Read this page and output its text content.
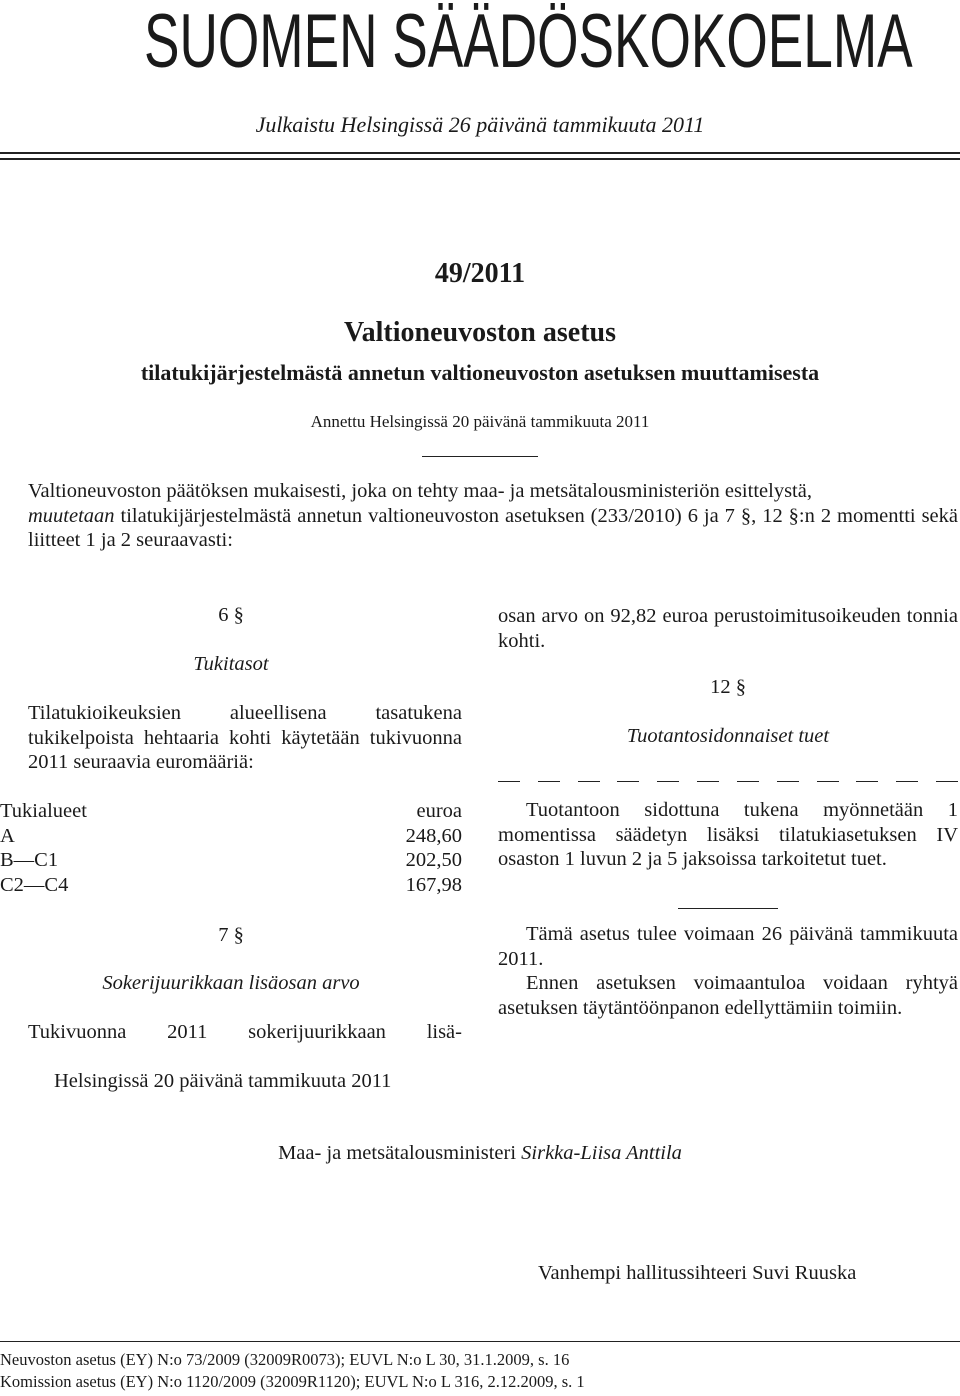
SUOMEN SÄÄDÖSKOKOELMA
Julkaistu Helsingissä 26 päivänä tammikuuta 2011
49/2011
Valtioneuvoston asetus
tilatukijärjestelmästä annetun valtioneuvoston asetuksen muuttamisesta
Annettu Helsingissä 20 päivänä tammikuuta 2011

Valtioneuvoston päätöksen mukaisesti, joka on tehty maa- ja metsätalousministeriön esittelystä,

muutetaan tilatukijärjestelmästä annetun valtioneuvoston asetuksen (233/2010) 6 ja 7 §, 12 §:n 2 momentti sekä liitteet 1 ja 2 seuraavasti:

6 §
Tukitasot

Tilatukioikeuksien alueellisena tasatukena tukikelpoista hehtaaria kohti käytetään tukivuonna 2011 seuraavia euromääriä:

Tukialueet	euroa
A	248,60
B—C1	202,50
C2—C4	167,98
7 §
Sokerijuurikkaan lisäosan arvo
Tukivuonna 2011 sokerijuurikkaan lisä-
osan arvo on 92,82 euroa perustoimitusoikeuden tonnia kohti.
12 §
Tuotantosidonnaiset tuet

Tuotantoon sidottuna tukena myönnetään 1 momentissa säädetyn lisäksi tilatukiasetuksen IV osaston 1 luvun 2 ja 5 jaksoissa tarkoitetut tuet.

Tämä asetus tulee voimaan 26 päivänä tammikuuta 2011.

Ennen asetuksen voimaantuloa voidaan ryhtyä asetuksen täytäntöönpanon edellyttämiin toimiin.

Helsingissä 20 päivänä tammikuuta 2011
Maa- ja metsätalousministeri Sirkka-Liisa Anttila
Vanhempi hallitussihteeri Suvi Ruuska
Neuvoston asetus (EY) N:o 73/2009 (32009R0073); EUVL N:o L 30, 31.1.2009, s. 16
Komission asetus (EY) N:o 1120/2009 (32009R1120); EUVL N:o L 316, 2.12.2009, s. 1
